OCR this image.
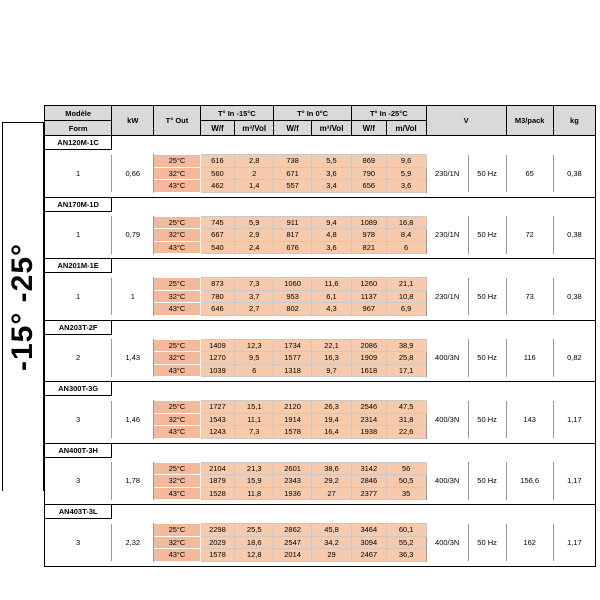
-15° -25°
Modèle	kW	T° Out	T° In -15°C		T° In 0°C		T° In -25°C		V		M3/pack	kg
Form			W/f	m³/Vol	W/f	m³/Vol	W/f	m/Vol				
AN120M-1C												

1	0,66	25°C	616	2,8	738	5,5	869	9,6	230/1N	50 Hz	65	0,38
		32°C	560	2	671	3,6	790	5,9				
		43°C	462	1,4	557	3,4	656	3,6				

AN170M-1D												

1	0,79	25°C	745	5,9	911	9,4	1089	16,8	230/1N	50 Hz	72	0,38
		32°C	667	2,9	817	4,8	978	8,4				
		43°C	540	2,4	676	3,6	821	6				

AN201M-1E												

1	1	25°C	873	7,3	1060	11,6	1260	21,1	230/1N	50 Hz	73	0,38
		32°C	780	3,7	953	6,1	1137	10,8				
		43°C	646	2,7	802	4,3	967	6,9				

AN203T-2F												

2	1,43	25°C	1409	12,3	1734	22,1	2086	38,9	400/3N	50 Hz	116	0,82
		32°C	1270	9,5	1577	16,3	1909	25,8				
		43°C	1039	6	1318	9,7	1618	17,1				

AN300T-3G												

3	1,46	25°C	1727	15,1	2120	26,3	2546	47,5	400/3N	50 Hz	143	1,17
		32°C	1543	11,1	1914	19,4	2314	31,8				
		43°C	1243	7,3	1578	16,4	1938	22,6				

AN400T-3H												

3	1,78	25°C	2104	21,3	2601	38,6	3142	56	400/3N	50 Hz	156,6	1,17
		32°C	1879	15,9	2343	29,2	2846	50,5				
		43°C	1528	11,8	1936	27	2377	35				

AN403T-3L												

3	2,32	25°C	2298	25,5	2862	45,8	3464	60,1	400/3N	50 Hz	162	1,17
		32°C	2029	18,6	2547	34,2	3094	55,2				
		43°C	1578	12,8	2014	29	2467	36,3				
